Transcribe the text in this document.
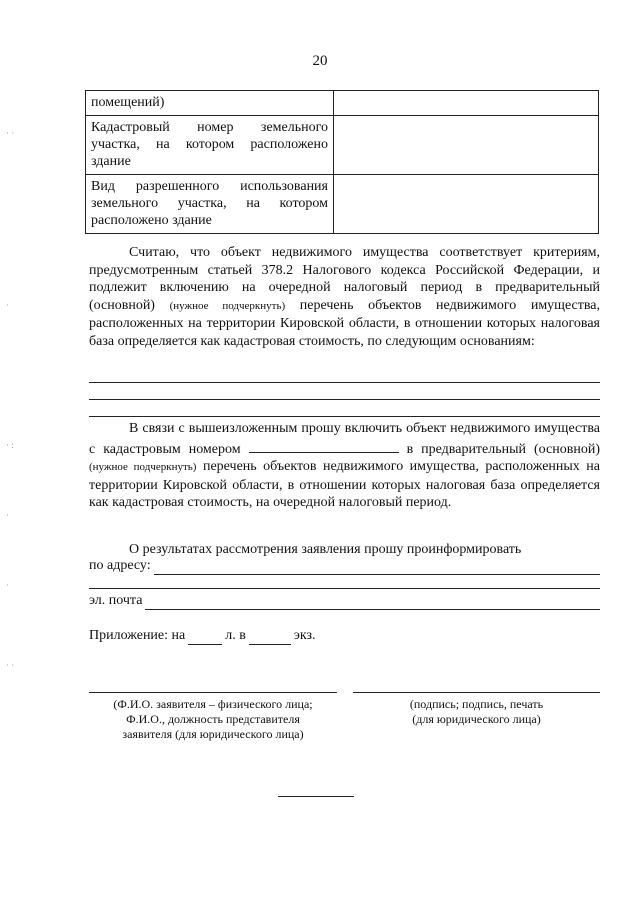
20
помещений)	
Кадастровый номер земельного участка, на котором расположено здание	
Вид разрешенного использования земельного участка, на котором расположено здание	
Считаю, что объект недвижимого имущества соответствует критериям, предусмотренным статьей 378.2 Налогового кодекса Российской Федерации, и подлежит включению на очередной налоговый период в предварительный (основной) (нужное подчеркнуть) перечень объектов недвижимого имущества, расположенных на территории Кировской области, в отношении которых налоговая база определяется как кадастровая стоимость, по следующим основаниям:
В связи с вышеизложенным прошу включить объект недвижимого имущества с кадастровым номером	в предварительный (основной) (нужное подчеркнуть) перечень объектов недвижимого имущества, расположенных на территории Кировской области, в отношении которых налоговая база определяется как кадастровая стоимость, на очередной налоговый период.
О результатах рассмотрения заявления прошу проинформировать
по адресу:
эл. почта
Приложение: на	л. в	экз.
(Ф.И.О. заявителя – физического лица;
Ф.И.О., должность представителя
заявителя (для юридического лица)
(подпись; подпись, печать
(для юридического лица)
· ·
·
· :
·
·
· ·
